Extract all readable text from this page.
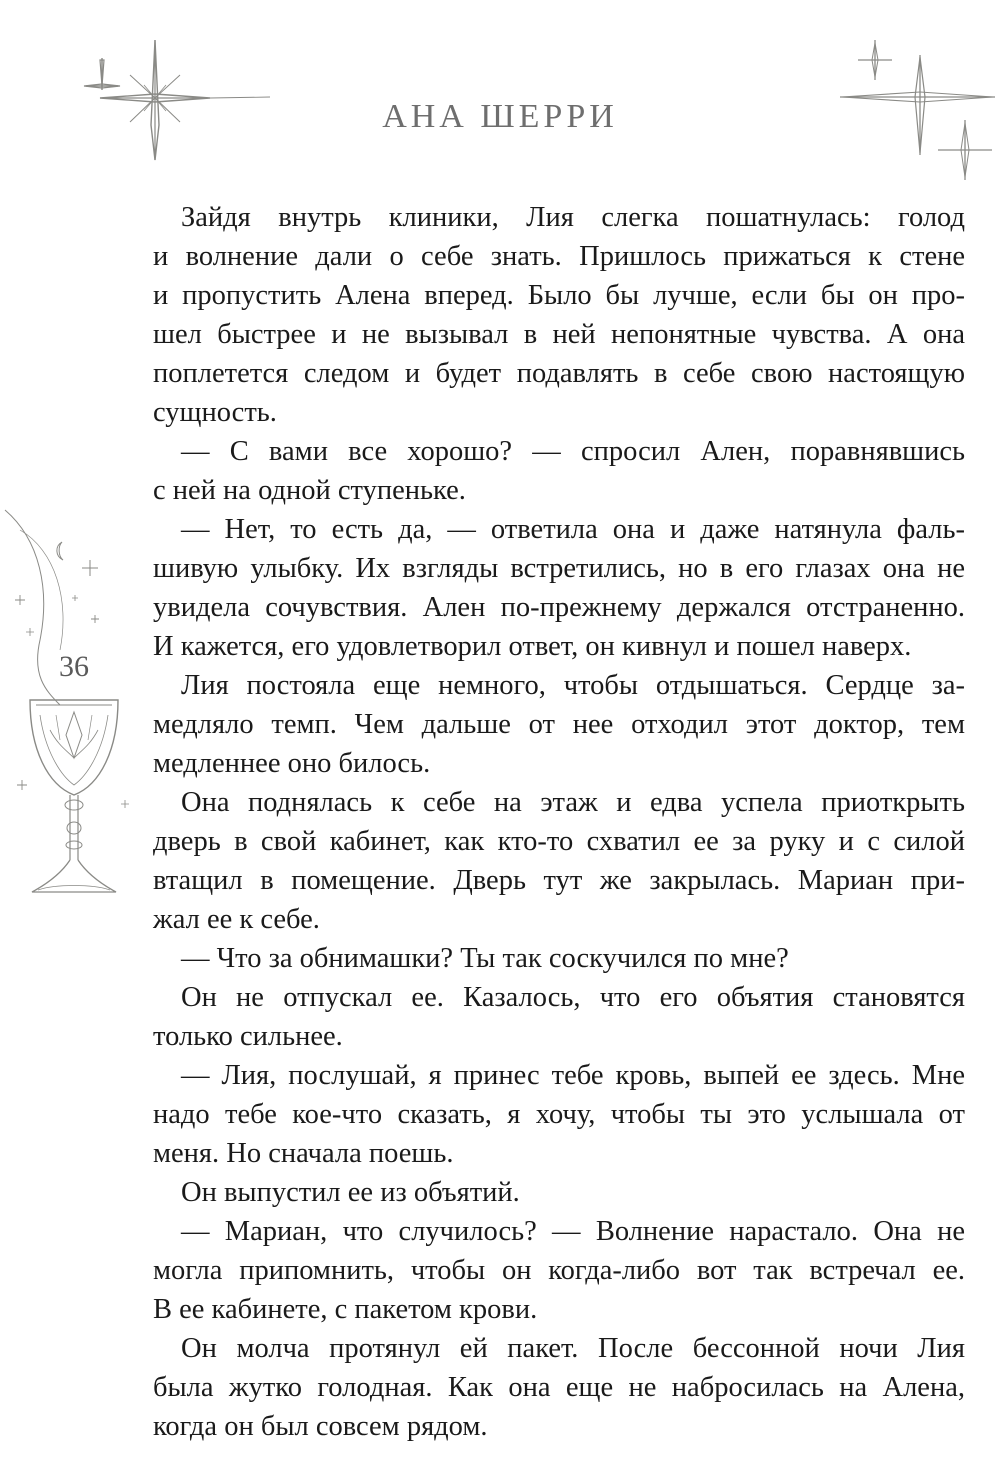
АНА ШЕРРИ
36
Зайдя внутрь клиники, Лия слегка пошатнулась: голод
и волнение дали о себе знать. Пришлось прижаться к стене
и пропустить Алена вперед. Было бы лучше, если бы он про-
шел быстрее и не вызывал в ней непонятные чувства. А она
поплетется следом и будет подавлять в себе свою настоящую
сущность.
— С вами все хорошо? — спросил Ален, поравнявшись
с ней на одной ступеньке.
— Нет, то есть да, — ответила она и даже натянула фаль-
шивую улыбку. Их взгляды встретились, но в его глазах она не
увидела сочувствия. Ален по-прежнему держался отстраненно.
И кажется, его удовлетворил ответ, он кивнул и пошел наверх.
Лия постояла еще немного, чтобы отдышаться. Сердце за-
медляло темп. Чем дальше от нее отходил этот доктор, тем
медленнее оно билось.
Она поднялась к себе на этаж и едва успела приоткрыть
дверь в свой кабинет, как кто-то схватил ее за руку и с силой
втащил в помещение. Дверь тут же закрылась. Мариан при-
жал ее к себе.
— Что за обнимашки? Ты так соскучился по мне?
Он не отпускал ее. Казалось, что его объятия становятся
только сильнее.
— Лия, послушай, я принес тебе кровь, выпей ее здесь. Мне
надо тебе кое-что сказать, я хочу, чтобы ты это услышала от
меня. Но сначала поешь.
Он выпустил ее из объятий.
— Мариан, что случилось? — Волнение нарастало. Она не
могла припомнить, чтобы он когда-либо вот так встречал ее.
В ее кабинете, с пакетом крови.
Он молча протянул ей пакет. После бессонной ночи Лия
была жутко голодная. Как она еще не набросилась на Алена,
когда он был совсем рядом.
